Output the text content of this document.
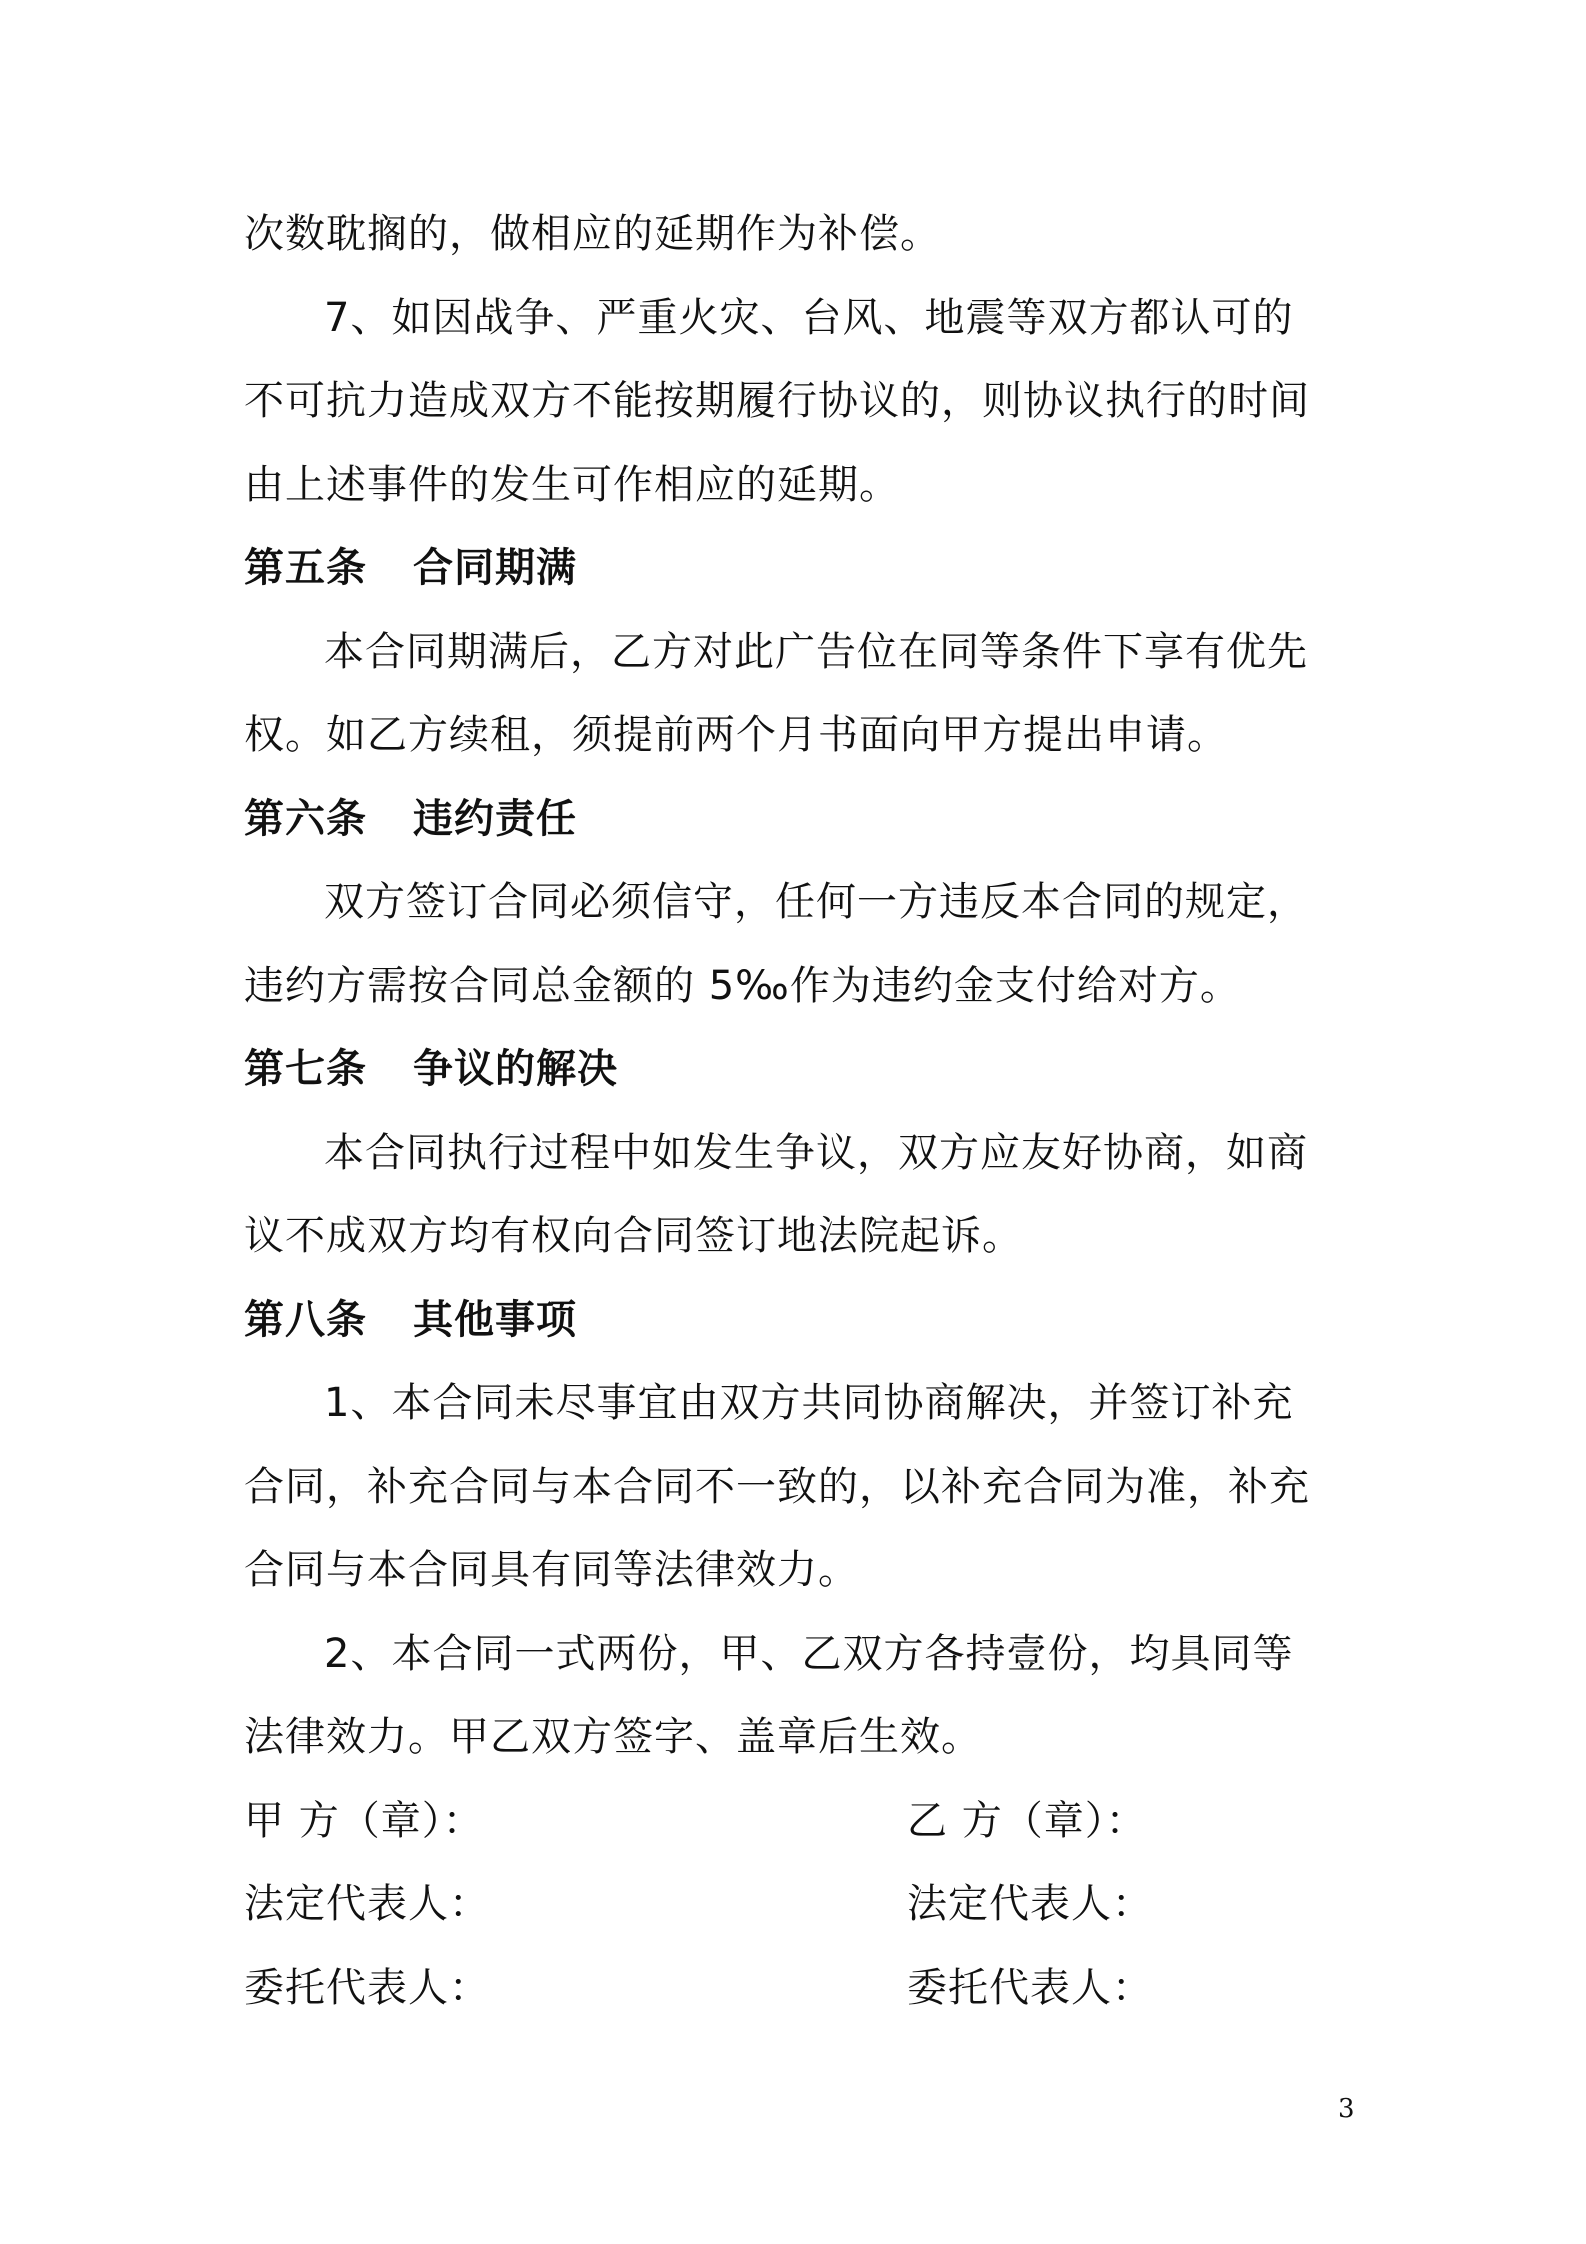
次数耽搁的，做相应的延期作为补偿。
7、如因战争、严重火灾、台风、地震等双方都认可的
不可抗力造成双方不能按期履行协议的，则协议执行的时间
由上述事件的发生可作相应的延期。
第五条 合同期满
本合同期满后，乙方对此广告位在同等条件下享有优先
权。如乙方续租，须提前两个月书面向甲方提出申请。
第六条 违约责任
双方签订合同必须信守，任何一方违反本合同的规定，
违约方需按合同总金额的 5‰作为违约金支付给对方。
第七条 争议的解决
本合同执行过程中如发生争议，双方应友好协商，如商
议不成双方均有权向合同签订地法院起诉。
第八条 其他事项
1、本合同未尽事宜由双方共同协商解决，并签订补充
合同，补充合同与本合同不一致的，以补充合同为准，补充
合同与本合同具有同等法律效力。
2、本合同一式两份，甲、乙双方各持壹份，均具同等
法律效力。甲乙双方签字、盖章后生效。
甲 方（章）：	乙 方（章）：
法定代表人：	法定代表人：
委托代表人：	委托代表人：
3
